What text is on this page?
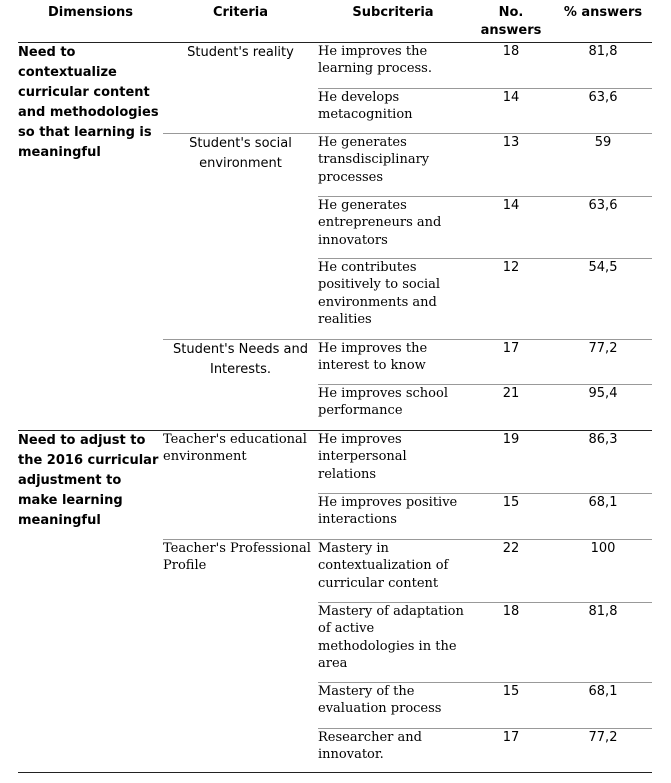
Dimensions	Criteria	Subcriteria	No. answers	% answers
Need to contextualize curricular content and methodologies so that learning is meaningful	Student's reality	He improves the learning process.	18	81,8
		He develops metacognition	14	63,6
	Student's social environment	He generates transdisciplinary processes	13	59
		He generates entrepreneurs and innovators	14	63,6
		He contributes positively to social environments and realities	12	54,5
	Student's Needs and Interests.	He improves the interest to know	17	77,2
		He improves school performance	21	95,4
Need to adjust to the 2016 curricular adjustment to make learning meaningful	Teacher's educational environment	He improves interpersonal relations	19	86,3
		He improves positive interactions	15	68,1
	Teacher's Professional Profile	Mastery in contextualization of curricular content	22	100
		Mastery of adaptation of active methodologies in the area	18	81,8
		Mastery of the evaluation process	15	68,1
		Researcher and innovator.	17	77,2
